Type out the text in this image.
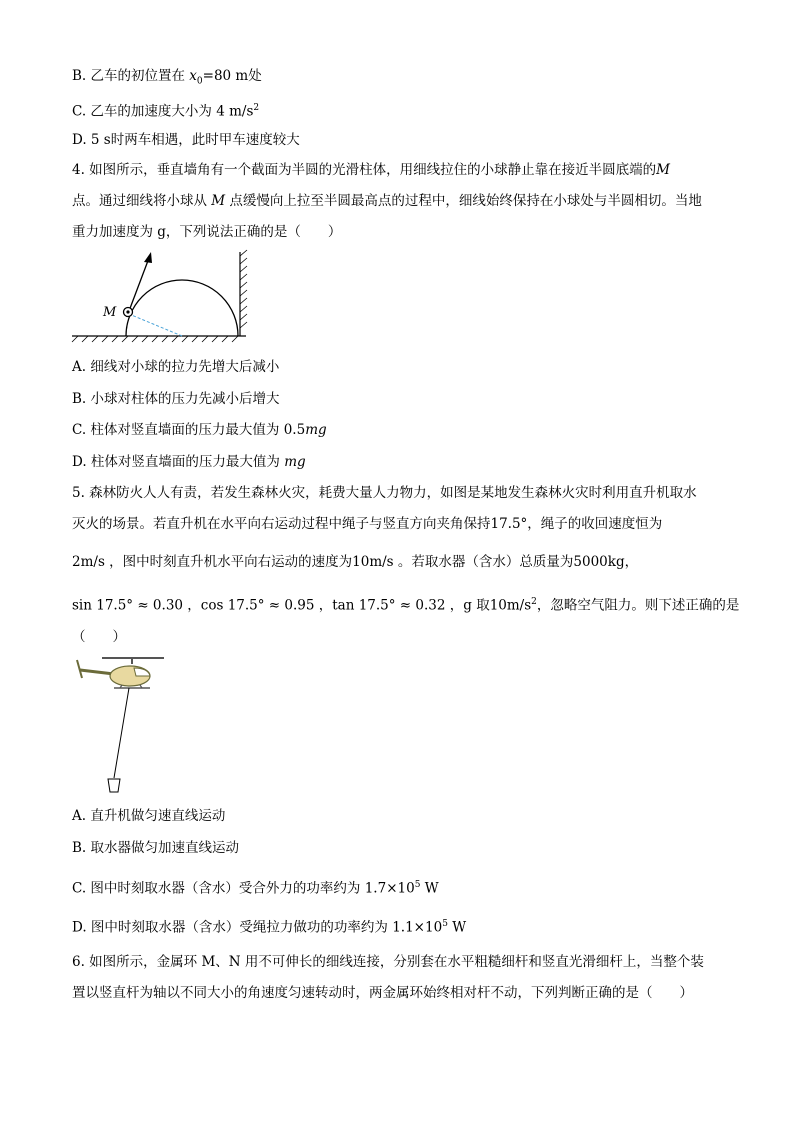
B. 乙车的初位置在 $x_0=80$ m处
C. 乙车的加速度大小为 4 $m/s^2$
D. 5 s时两车相遇，此时甲车速度较大
4. 如图所示，垂直墙角有一个截面为半圆的光滑柱体，用细线拉住的小球静止靠在接近半圆底端的M
点。通过细线将小球从 M 点缓慢向上拉至半圆最高点的过程中，细线始终保持在小球处与半圆相切。当地
重力加速度为 g，下列说法正确的是（　　）
M
A. 细线对小球的拉力先增大后减小
B. 小球对柱体的压力先减小后增大
C. 柱体对竖直墙面的压力最大值为 0.5mg
D. 柱体对竖直墙面的压力最大值为 mg
5. 森林防火人人有责，若发生森林火灾，耗费大量人力物力，如图是某地发生森林火灾时利用直升机取水
灭火的场景。若直升机在水平向右运动过程中绳子与竖直方向夹角保持17.5°，绳子的收回速度恒为
2m/s ，图中时刻直升机水平向右运动的速度为10m/s 。若取水器（含水）总质量为5000kg，
sin 17.5° ≈ 0.30 ，cos 17.5° ≈ 0.95 ，tan 17.5° ≈ 0.32 ，g 取$10m/s^2$，忽略空气阻力。则下述正确的是
（　　）
A. 直升机做匀速直线运动
B. 取水器做匀加速直线运动
C. 图中时刻取水器（含水）受合外力的功率约为 $1.7\times 10^5$ W
D. 图中时刻取水器（含水）受绳拉力做功的功率约为 $1.1\times 10^5$ W
6. 如图所示，金属环 M、N 用不可伸长的细线连接，分别套在水平粗糙细杆和竖直光滑细杆上，当整个装
置以竖直杆为轴以不同大小的角速度匀速转动时，两金属环始终相对杆不动，下列判断正确的是（　　）
